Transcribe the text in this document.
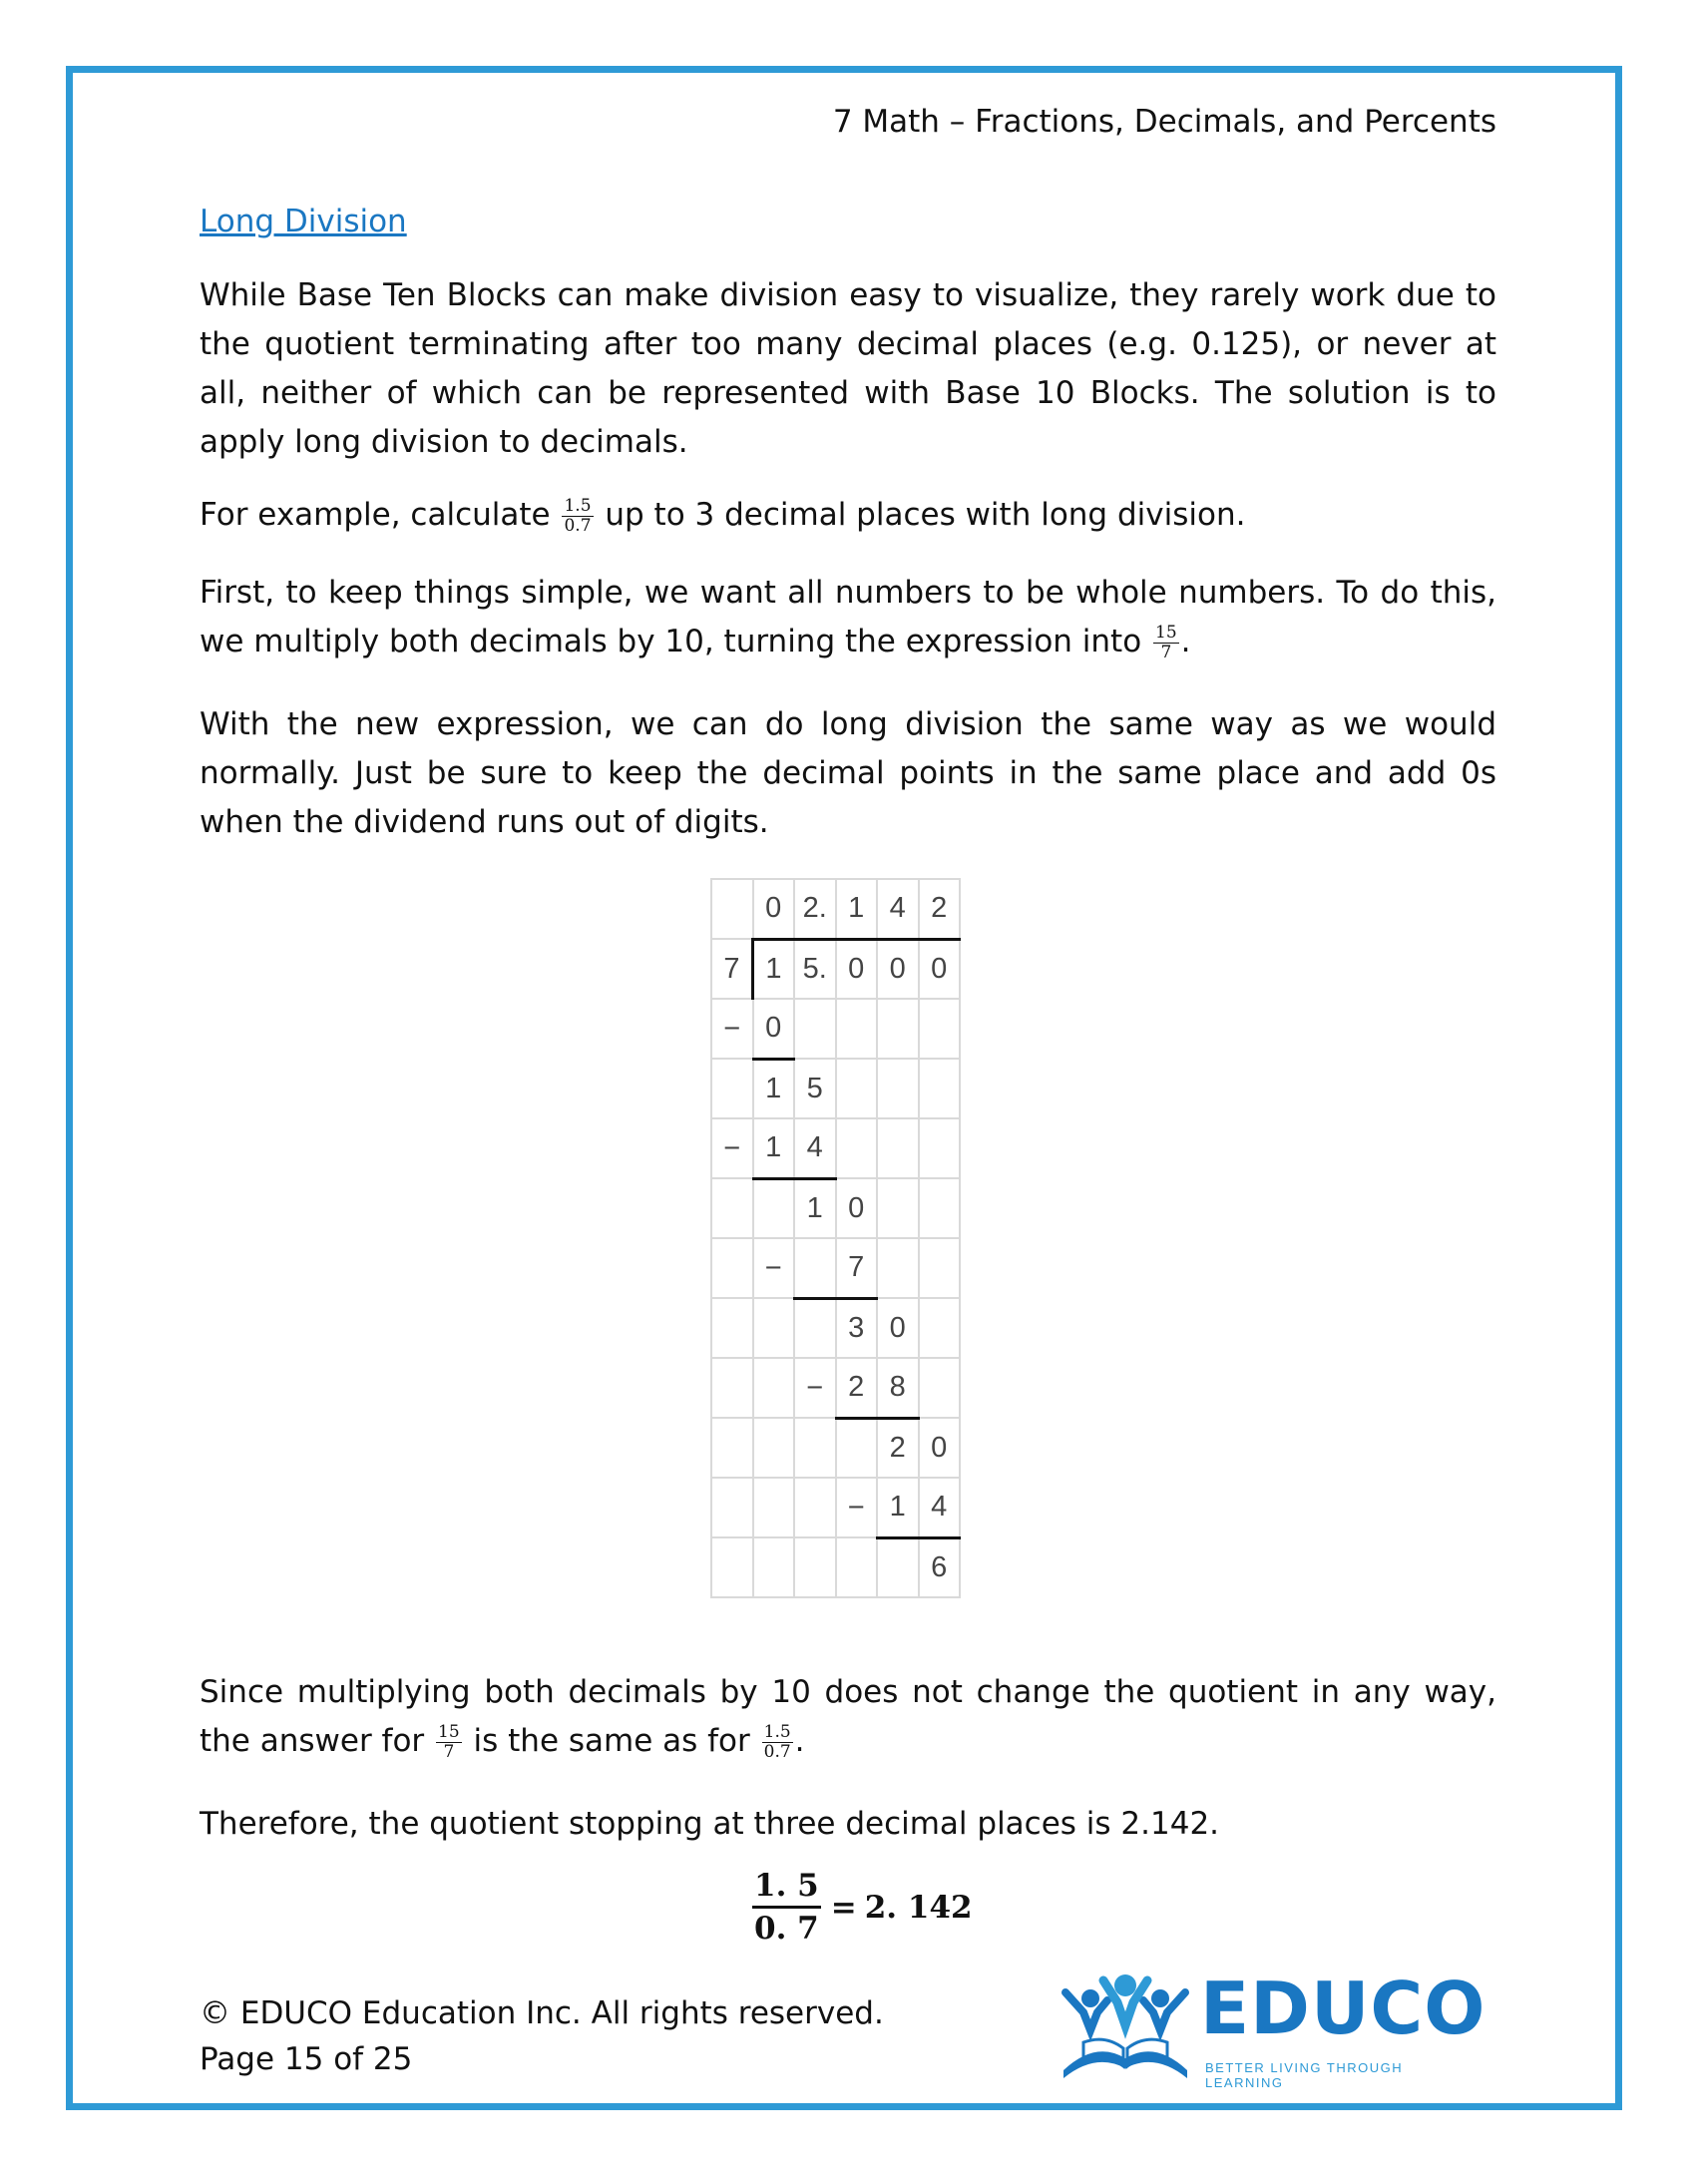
7 Math – Fractions, Decimals, and Percents
Long Division
While Base Ten Blocks can make division easy to visualize, they rarely work due to the quotient terminating after too many decimal places (e.g. 0.125), or never at all, neither of which can be represented with Base 10 Blocks. The solution is to apply long division to decimals.
For example, calculate $\frac{1.5}{0.7}$ up to 3 decimal places with long division.
First, to keep things simple, we want all numbers to be whole numbers. To do this, we multiply both decimals by 10, turning the expression into $\frac{15}{7}$ .
With the new expression, we can do long division the same way as we would normally. Just be sure to keep the decimal points in the same place and add 0s when the dividend runs out of digits.
	0	2.	1	4	2
7	1	5.	0	0	0
−	0				
	1	5			
−	1	4			
		1	0		
	−		7		
			3	0	
		−	2	8	
				2	0
			−	1	4
					6
Since multiplying both decimals by 10 does not change the quotient in any way, the answer for $\frac{15}{7}$ is the same as for $\frac{1.5}{0.7}$ .
Therefore, the quotient stopping at three decimal places is 2.142.
$\frac{1. 5}{0. 7} = 2$. 142
© EDUCO Education Inc. All rights reserved.
Page 15 of 25
EDUCO
BETTER LIVING THROUGH LEARNING
